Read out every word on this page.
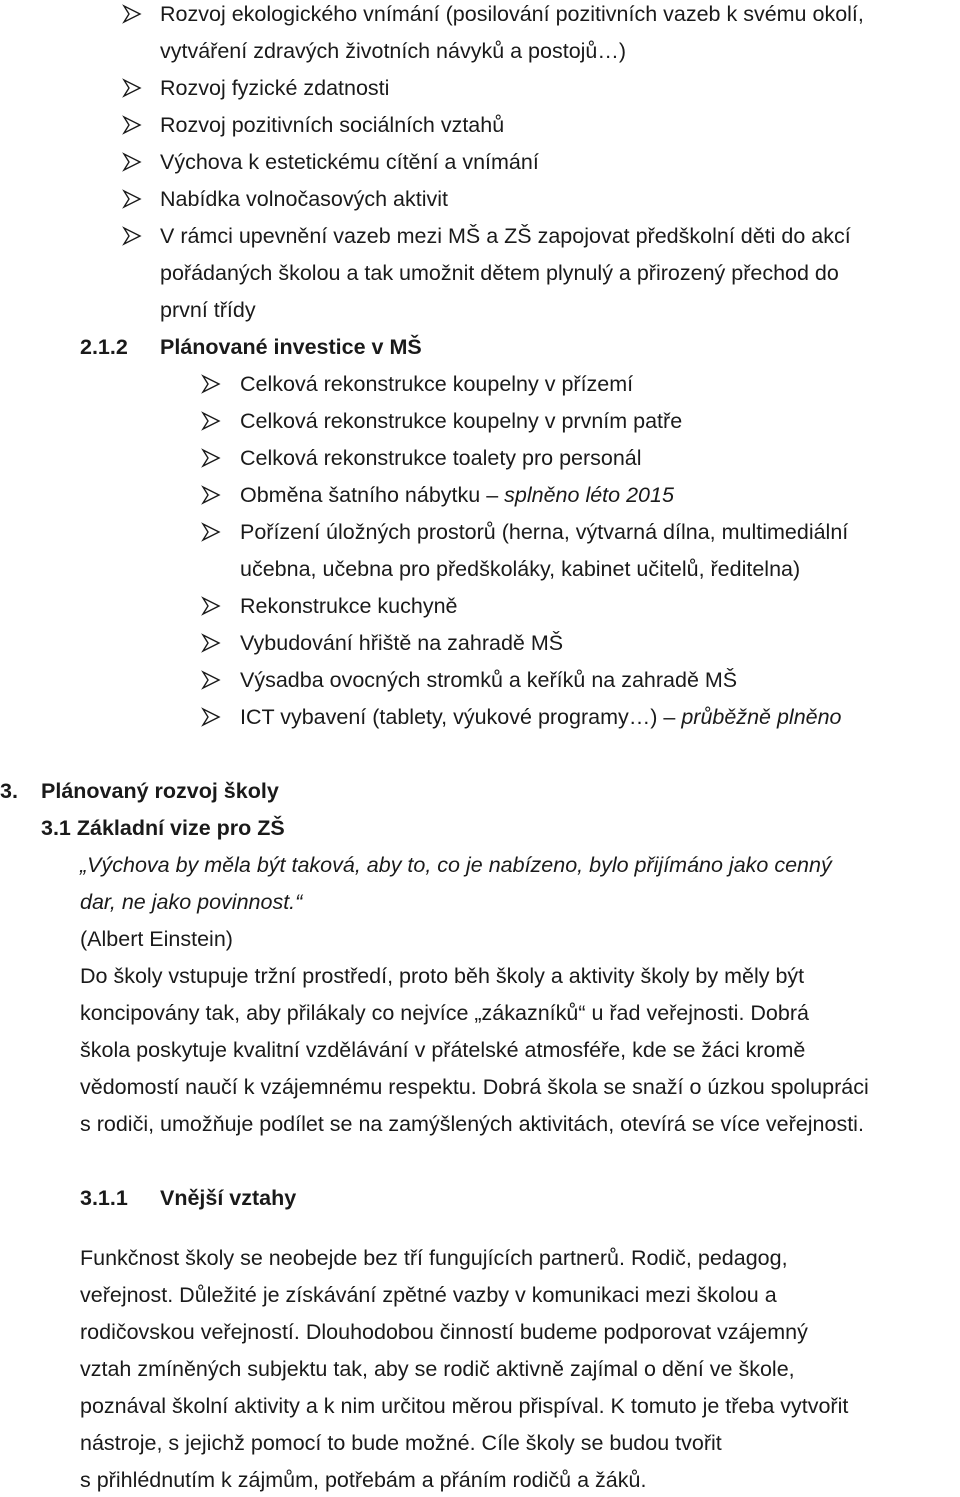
Rozvoj ekologického vnímání (posilování pozitivních vazeb k svému okolí,
vytváření zdravých životních návyků a postojů…)
Rozvoj fyzické zdatnosti
Rozvoj pozitivních sociálních vztahů
Výchova k estetickému cítění a vnímání
Nabídka volnočasových aktivit
V rámci upevnění vazeb mezi MŠ a ZŠ zapojovat předškolní děti do akcí
pořádaných školou a tak umožnit dětem plynulý a přirozený přechod do
první třídy
2.1.2 Plánované investice v MŠ
Celková rekonstrukce koupelny v přízemí
Celková rekonstrukce koupelny v prvním patře
Celková rekonstrukce toalety pro personál
Obměna šatního nábytku – splněno léto 2015
Pořízení úložných prostorů (herna, výtvarná dílna, multimediální
učebna, učebna pro předškoláky, kabinet učitelů, ředitelna)
Rekonstrukce kuchyně
Vybudování hřiště na zahradě MŠ
Výsadba ovocných stromků a keříků na zahradě MŠ
ICT vybavení (tablety, výukové programy…) – průběžně plněno
3. Plánovaný rozvoj školy
3.1 Základní vize pro ZŠ
„Výchova by měla být taková, aby to, co je nabízeno, bylo přijímáno jako cenný
dar, ne jako povinnost.“
(Albert Einstein)
Do školy vstupuje tržní prostředí, proto běh školy a aktivity školy by měly být
koncipovány tak, aby přilákaly co nejvíce „zákazníků“ u řad veřejnosti. Dobrá
škola poskytuje kvalitní vzdělávání v přátelské atmosféře, kde se žáci kromě
vědomostí naučí k vzájemnému respektu. Dobrá škola se snaží o úzkou spolupráci
s rodiči, umožňuje podílet se na zamýšlených aktivitách, otevírá se více veřejnosti.
3.1.1 Vnější vztahy
Funkčnost školy se neobejde bez tří fungujících partnerů. Rodič, pedagog,
veřejnost. Důležité je získávání zpětné vazby v komunikaci mezi školou a
rodičovskou veřejností. Dlouhodobou činností budeme podporovat vzájemný
vztah zmíněných subjektu tak, aby se rodič aktivně zajímal o dění ve škole,
poznával školní aktivity a k nim určitou měrou přispíval. K tomuto je třeba vytvořit
nástroje, s jejichž pomocí to bude možné. Cíle školy se budou tvořit
s přihlédnutím k zájmům, potřebám a přáním rodičů a žáků.
